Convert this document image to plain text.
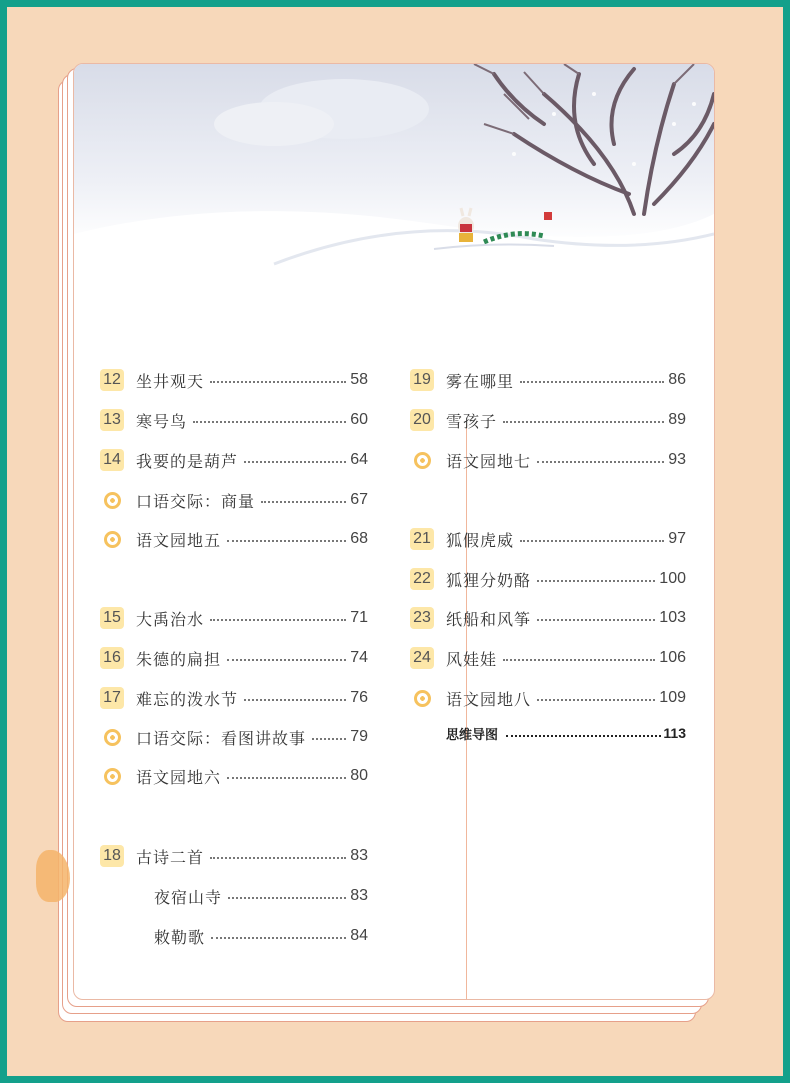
12 坐井观天	58
13 寒号鸟	60
14 我要的是葫芦	64
口语交际：商量	67
语文园地五	68
15 大禹治水	71
16 朱德的扁担	74
17 难忘的泼水节	76
口语交际：看图讲故事	79
语文园地六	80
18 古诗二首	83
夜宿山寺	83
敕勒歌	84
19 雾在哪里	86
20 雪孩子	89
语文园地七	93
21 狐假虎威	97
22 狐狸分奶酪	100
23 纸船和风筝	103
24 风娃娃	106
语文园地八	109
思维导图	113
